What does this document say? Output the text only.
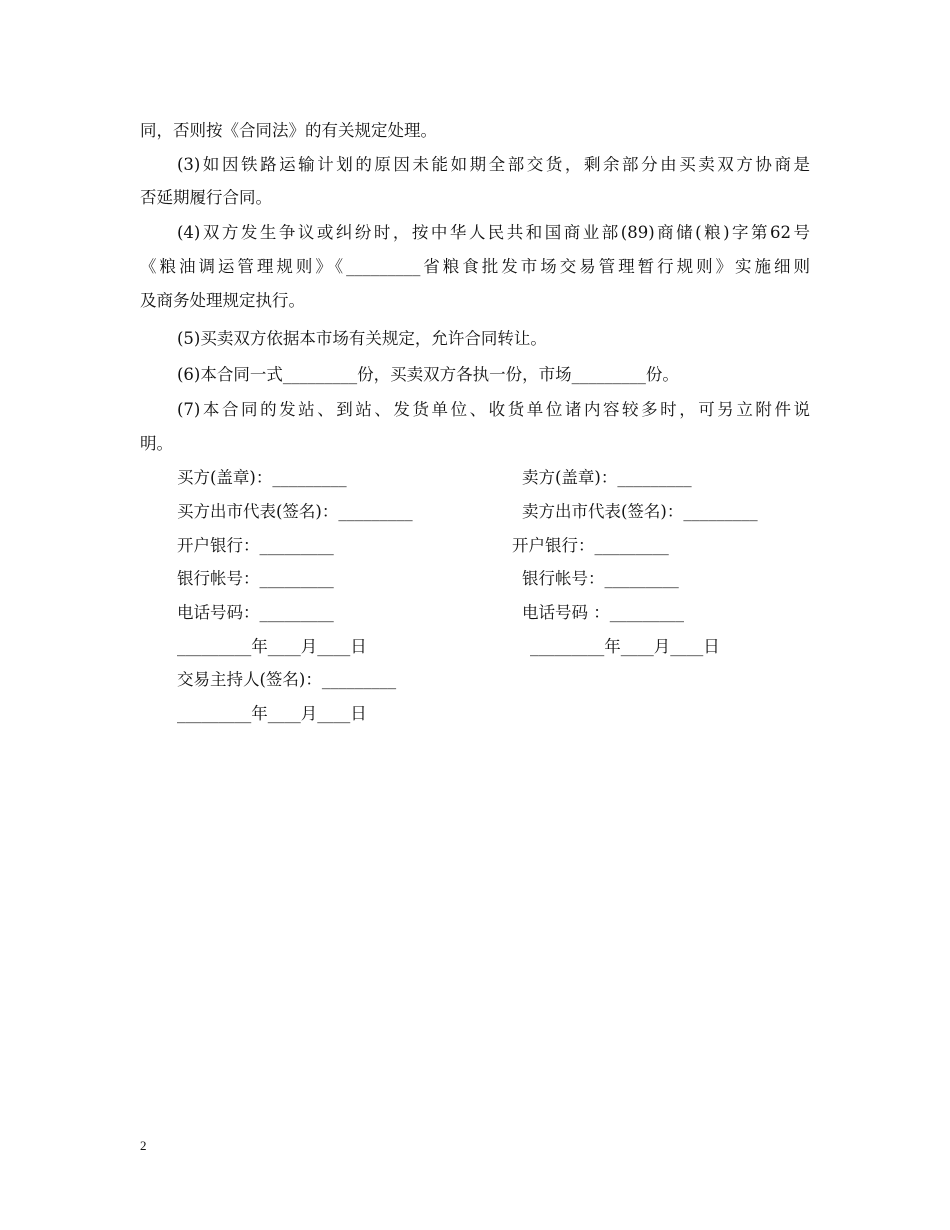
同，否则按《合同法》的有关规定处理。
(3)如因铁路运输计划的原因未能如期全部交货，剩余部分由买卖双方协商是
否延期履行合同。
(4)双方发生争议或纠纷时，按中华人民共和国商业部(89)商储(粮)字第62号
《粮油调运管理规则》《_________省粮食批发市场交易管理暂行规则》实施细则
及商务处理规定执行。
(5)买卖双方依据本市场有关规定，允许合同转让。
(6)本合同一式_________份，买卖双方各执一份，市场_________份。
(7)本合同的发站、到站、发货单位、收货单位诸内容较多时，可另立附件说
明。
买方(盖章)：_________	卖方(盖章)：_________
买方出市代表(签名)：_________	卖方出市代表(签名)：_________
开户银行：_________	开户银行：_________
银行帐号：_________	银行帐号：_________
电话号码：_________	电话号码 ：_________
_________年____月____日	_________年____月____日
交易主持人(签名)：_________
_________年____月____日
2
